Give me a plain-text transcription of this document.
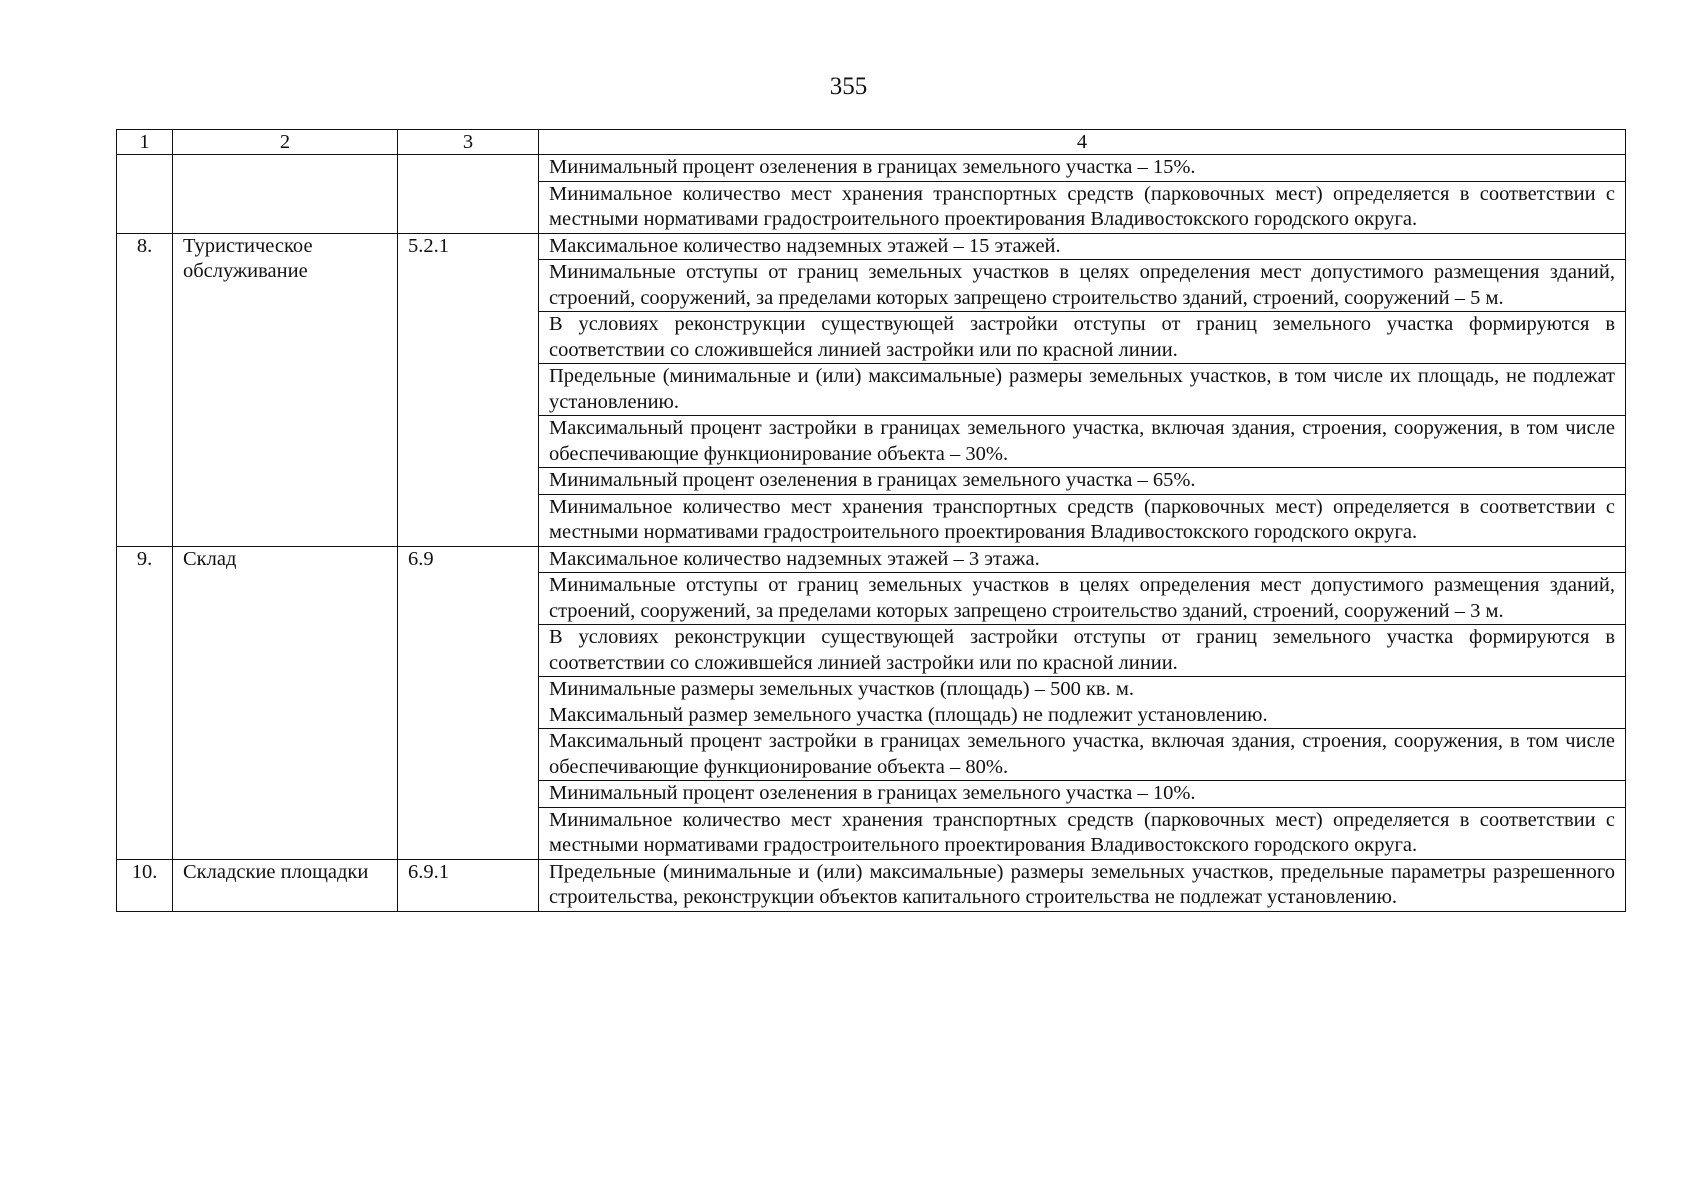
355
1	2	3	4
			Минимальный процент озеленения в границах земельного участка – 15%.
			Минимальное количество мест хранения транспортных средств (парковочных мест) определяется в соответствии с местными нормативами градостроительного проектирования Владивостокского городского округа.
8.	Туристическое обслуживание	5.2.1	Максимальное количество надземных этажей – 15 этажей.
			Минимальные отступы от границ земельных участков в целях определения мест допустимого размещения зданий, строений, сооружений, за пределами которых запрещено строительство зданий, строений, сооружений – 5 м.
			В условиях реконструкции существующей застройки отступы от границ земельного участка формируются в соответствии со сложившейся линией застройки или по красной линии.
			Предельные (минимальные и (или) максимальные) размеры земельных участков, в том числе их площадь, не подлежат установлению.
			Максимальный процент застройки в границах земельного участка, включая здания, строения, сооружения, в том числе обеспечивающие функционирование объекта – 30%.
			Минимальный процент озеленения в границах земельного участка – 65%.
			Минимальное количество мест хранения транспортных средств (парковочных мест) определяется в соответствии с местными нормативами градостроительного проектирования Владивостокского городского округа.
9.	Склад	6.9	Максимальное количество надземных этажей – 3 этажа.
			Минимальные отступы от границ земельных участков в целях определения мест допустимого размещения зданий, строений, сооружений, за пределами которых запрещено строительство зданий, строений, сооружений – 3 м.
			В условиях реконструкции существующей застройки отступы от границ земельного участка формируются в соответствии со сложившейся линией застройки или по красной линии.

			Минимальные размеры земельных участков (площадь) – 500 кв. м.
Максимальный размер земельного участка (площадь) не подлежит установлению.

			Максимальный процент застройки в границах земельного участка, включая здания, строения, сооружения, в том числе обеспечивающие функционирование объекта – 80%.
			Минимальный процент озеленения в границах земельного участка – 10%.
			Минимальное количество мест хранения транспортных средств (парковочных мест) определяется в соответствии с местными нормативами градостроительного проектирования Владивостокского городского округа.
10.	Складские площадки	6.9.1	Предельные (минимальные и (или) максимальные) размеры земельных участков, предельные параметры разрешенного строительства, реконструкции объектов капитального строительства не подлежат установлению.
